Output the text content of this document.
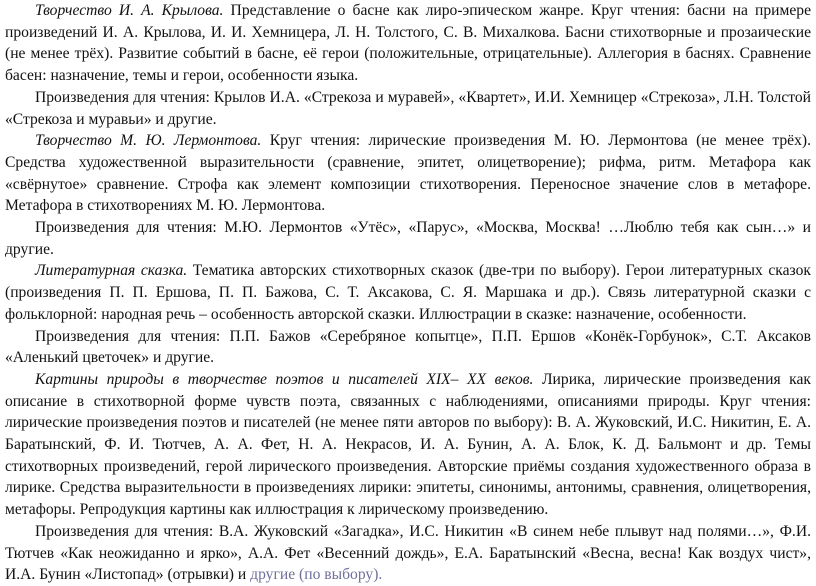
Творчество И. А. Крылова. Представление о басне как лиро-эпическом жанре. Круг чтения: басни на примере произведений И. А. Крылова, И. И. Хемницера, Л. Н. Толстого, С. В. Михалкова. Басни стихотворные и прозаические (не менее трёх). Развитие событий в басне, её герои (положительные, отрицательные). Аллегория в баснях. Сравнение басен: назначение, темы и герои, особенности языка.

Произведения для чтения: Крылов И.А. «Стрекоза и муравей», «Квартет», И.И. Хемницер «Стрекоза», Л.Н. Толстой «Стрекоза и муравьи» и другие.

Творчество М. Ю. Лермонтова. Круг чтения: лирические произведения М. Ю. Лермонтова (не менее трёх). Средства художественной выразительности (сравнение, эпитет, олицетворение); рифма, ритм. Метафора как «свёрнутое» сравнение. Строфа как элемент композиции стихотворения. Переносное значение слов в метафоре. Метафора в стихотворениях М. Ю. Лермонтова.

Произведения для чтения: М.Ю. Лермонтов «Утёс», «Парус», «Москва, Москва! …Люблю тебя как сын…» и другие.

Литературная сказка. Тематика авторских стихотворных сказок (две-три по выбору). Герои литературных сказок (произведения П. П. Ершова, П. П. Бажова, С. Т. Аксакова, С. Я. Маршака и др.). Связь литературной сказки с фольклорной: народная речь – особенность авторской сказки. Иллюстрации в сказке: назначение, особенности.

Произведения для чтения: П.П. Бажов «Серебряное копытце», П.П. Ершов «Конёк-Горбунок», С.Т. Аксаков «Аленький цветочек» и другие.

Картины природы в творчестве поэтов и писателей XIX– XX веков. Лирика, лирические произведения как описание в стихотворной форме чувств поэта, связанных с наблюдениями, описаниями природы. Круг чтения: лирические произведения поэтов и писателей (не менее пяти авторов по выбору): В. А. Жуковский, И.С. Никитин, Е. А. Баратынский, Ф. И. Тютчев, А. А. Фет, Н. А. Некрасов, И. А. Бунин, А. А. Блок, К. Д. Бальмонт и др. Темы стихотворных произведений, герой лирического произведения. Авторские приёмы создания художественного образа в лирике. Средства выразительности в произведениях лирики: эпитеты, синонимы, антонимы, сравнения, олицетворения, метафоры. Репродукция картины как иллюстрация к лирическому произведению.

Произведения для чтения: В.А. Жуковский «Загадка», И.С. Никитин «В синем небе плывут над полями…», Ф.И. Тютчев «Как неожиданно и ярко», А.А. Фет «Весенний дождь», Е.А. Баратынский «Весна, весна! Как воздух чист», И.А. Бунин «Листопад» (отрывки) и другие (по выбору).
